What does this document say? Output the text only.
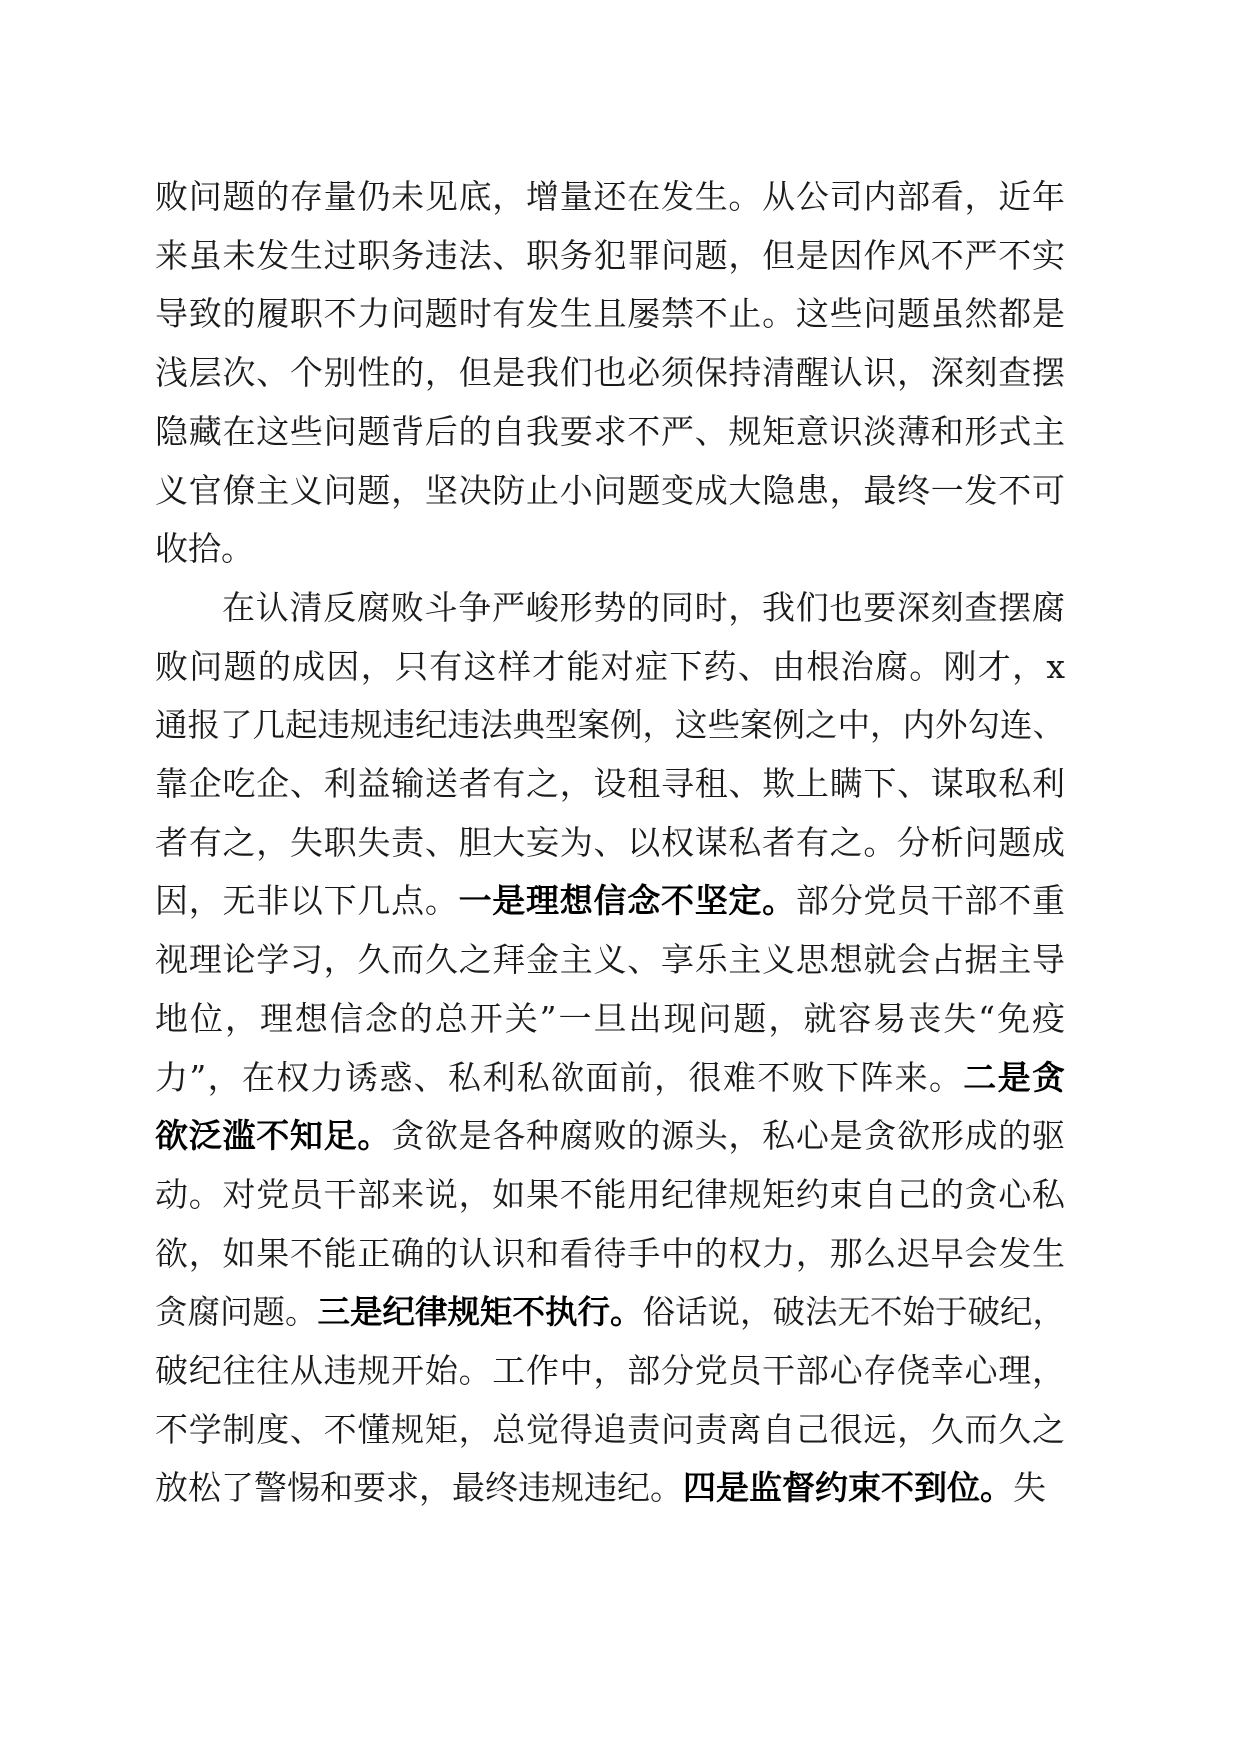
败问题的存量仍未见底，增量还在发生。从公司内部看，近年
来虽未发生过职务违法、职务犯罪问题，但是因作风不严不实
导致的履职不力问题时有发生且屡禁不止。这些问题虽然都是
浅层次、个别性的，但是我们也必须保持清醒认识，深刻查摆
隐藏在这些问题背后的自我要求不严、规矩意识淡薄和形式主
义官僚主义问题，坚决防止小问题变成大隐患，最终一发不可
收拾。
在认清反腐败斗争严峻形势的同时，我们也要深刻查摆腐
败问题的成因，只有这样才能对症下药、由根治腐。刚才，x
通报了几起违规违纪违法典型案例，这些案例之中，内外勾连、
靠企吃企、利益输送者有之，设租寻租、欺上瞒下、谋取私利
者有之，失职失责、胆大妄为、以权谋私者有之。分析问题成
因，无非以下几点。一是理想信念不坚定。部分党员干部不重
视理论学习，久而久之拜金主义、享乐主义思想就会占据主导
地位，理想信念的总开关”一旦出现问题，就容易丧失“免疫
力”，在权力诱惑、私利私欲面前，很难不败下阵来。二是贪
欲泛滥不知足。贪欲是各种腐败的源头，私心是贪欲形成的驱
动。对党员干部来说，如果不能用纪律规矩约束自己的贪心私
欲，如果不能正确的认识和看待手中的权力，那么迟早会发生
贪腐问题。三是纪律规矩不执行。俗话说，破法无不始于破纪，
破纪往往从违规开始。工作中，部分党员干部心存侥幸心理，
不学制度、不懂规矩，总觉得追责问责离自己很远，久而久之
放松了警惕和要求，最终违规违纪。四是监督约束不到位。失
